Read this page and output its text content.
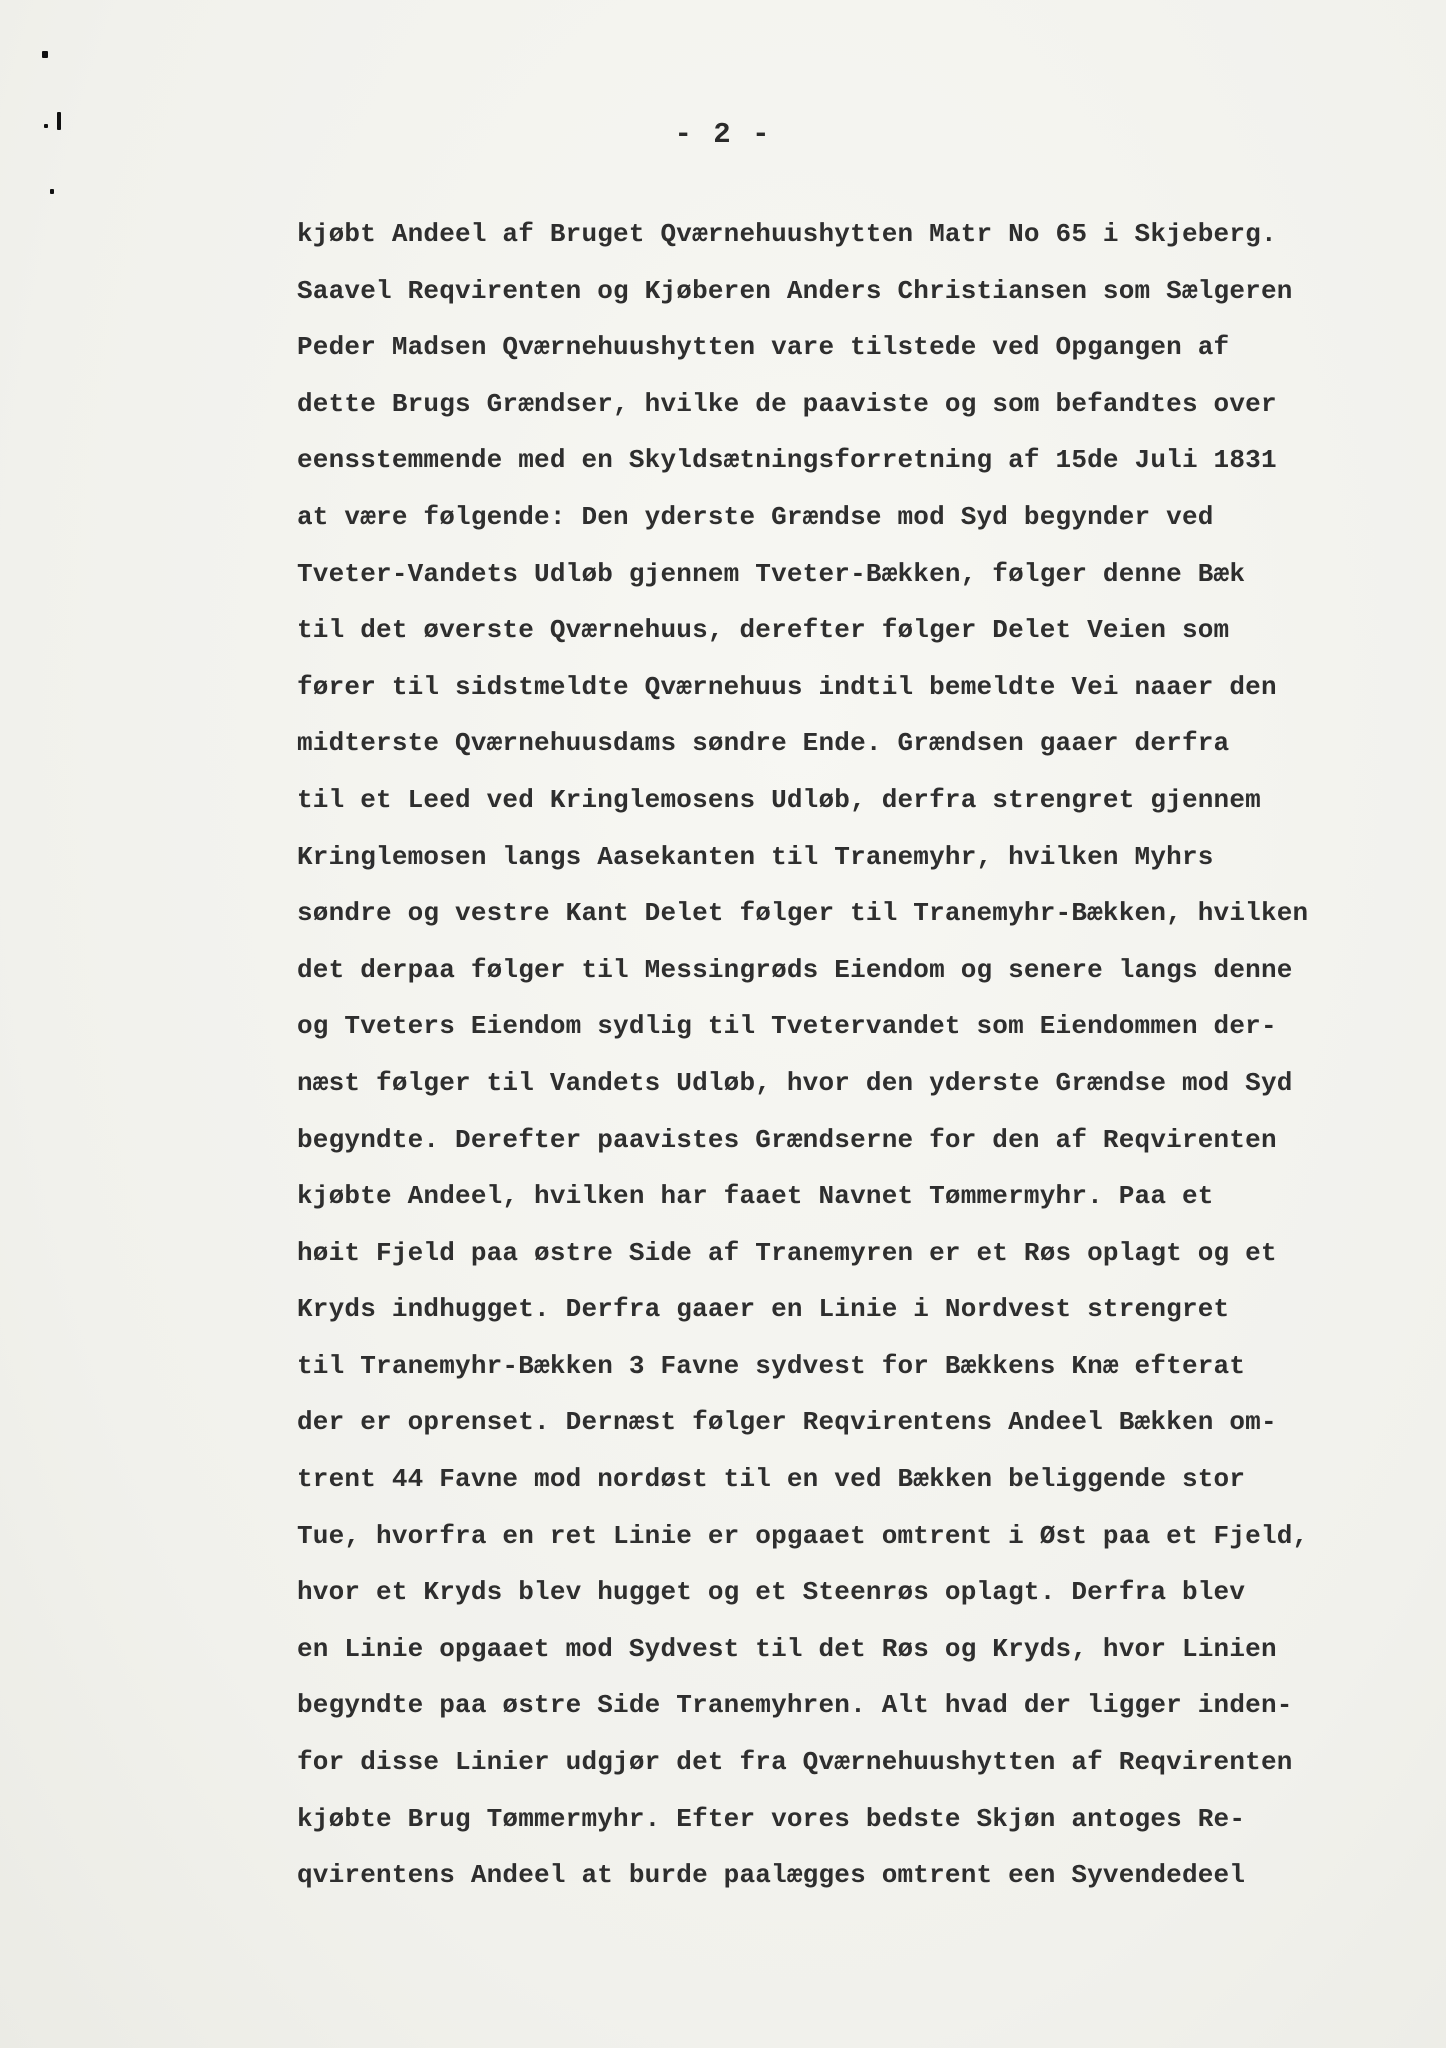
- 2 -

kjøbt Andeel af Bruget Qværnehuushytten Matr No 65 i Skjeberg.
Saavel Reqvirenten og Kjøberen Anders Christiansen som Sælgeren
Peder Madsen Qværnehuushytten vare tilstede ved Opgangen af
dette Brugs Grændser, hvilke de paaviste og som befandtes over
eensstemmende med en Skyldsætningsforretning af 15de Juli 1831
at være følgende: Den yderste Grændse mod Syd begynder ved
Tveter-Vandets Udløb gjennem Tveter-Bækken, følger denne Bæk
til det øverste Qværnehuus, derefter følger Delet Veien som
fører til sidstmeldte Qværnehuus indtil bemeldte Vei naaer den
midterste Qværnehuusdams søndre Ende. Grændsen gaaer derfra
til et Leed ved Kringlemosens Udløb, derfra strengret gjennem
Kringlemosen langs Aasekanten til Tranemyhr, hvilken Myhrs
søndre og vestre Kant Delet følger til Tranemyhr-Bækken, hvilken
det derpaa følger til Messingrøds Eiendom og senere langs denne
og Tveters Eiendom sydlig til Tvetervandet som Eiendommen der-
næst følger til Vandets Udløb, hvor den yderste Grændse mod Syd
begyndte. Derefter paavistes Grændserne for den af Reqvirenten
kjøbte Andeel, hvilken har faaet Navnet Tømmermyhr. Paa et
høit Fjeld paa østre Side af Tranemyren er et Røs oplagt og et
Kryds indhugget. Derfra gaaer en Linie i Nordvest strengret
til Tranemyhr-Bækken 3 Favne sydvest for Bækkens Knæ efterat
der er oprenset. Dernæst følger Reqvirentens Andeel Bækken om-
trent 44 Favne mod nordøst til en ved Bækken beliggende stor
Tue, hvorfra en ret Linie er opgaaet omtrent i Øst paa et Fjeld,
hvor et Kryds blev hugget og et Steenrøs oplagt. Derfra blev
en Linie opgaaet mod Sydvest til det Røs og Kryds, hvor Linien
begyndte paa østre Side Tranemyhren. Alt hvad der ligger inden-
for disse Linier udgjør det fra Qværnehuushytten af Reqvirenten
kjøbte Brug Tømmermyhr. Efter vores bedste Skjøn antoges Re-
qvirentens Andeel at burde paalægges omtrent een Syvendedeel
